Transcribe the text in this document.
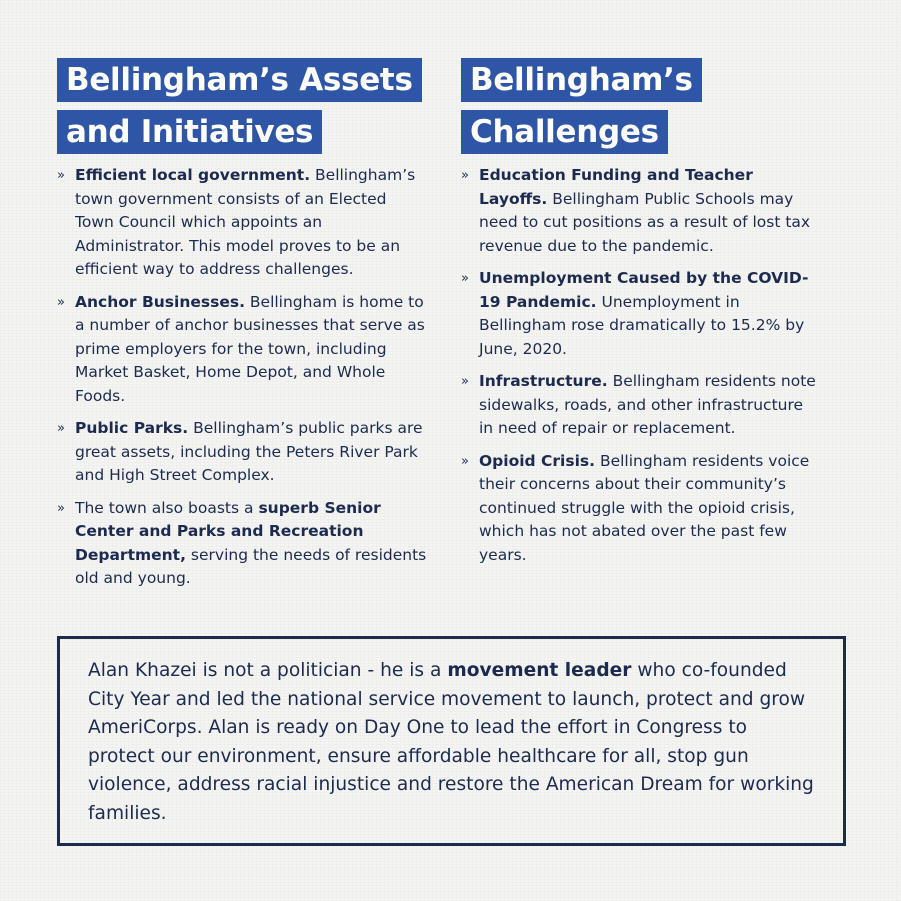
Bellingham’s Assets
and Initiatives
» Efficient local government. Bellingham’s town government consists of an Elected Town Council which appoints an Administrator. This model proves to be an efficient way to address challenges.
» Anchor Businesses. Bellingham is home to a number of anchor businesses that serve as prime employers for the town, including Market Basket, Home Depot, and Whole Foods.
» Public Parks. Bellingham’s public parks are great assets, including the Peters River Park and High Street Complex.
» The town also boasts a superb Senior Center and Parks and Recreation Department, serving the needs of residents old and young.
Bellingham’s
Challenges
» Education Funding and Teacher Layoffs. Bellingham Public Schools may need to cut positions as a result of lost tax revenue due to the pandemic.
» Unemployment Caused by the COVID-19 Pandemic. Unemployment in Bellingham rose dramatically to 15.2% by June, 2020.
» Infrastructure. Bellingham residents note sidewalks, roads, and other infrastructure in need of repair or replacement.
» Opioid Crisis. Bellingham residents voice their concerns about their community’s continued struggle with the opioid crisis, which has not abated over the past few years.
Alan Khazei is not a politician - he is a movement leader who co-founded City Year and led the national service movement to launch, protect and grow AmeriCorps. Alan is ready on Day One to lead the effort in Congress to protect our environment, ensure affordable healthcare for all, stop gun violence, address racial injustice and restore the American Dream for working families.
